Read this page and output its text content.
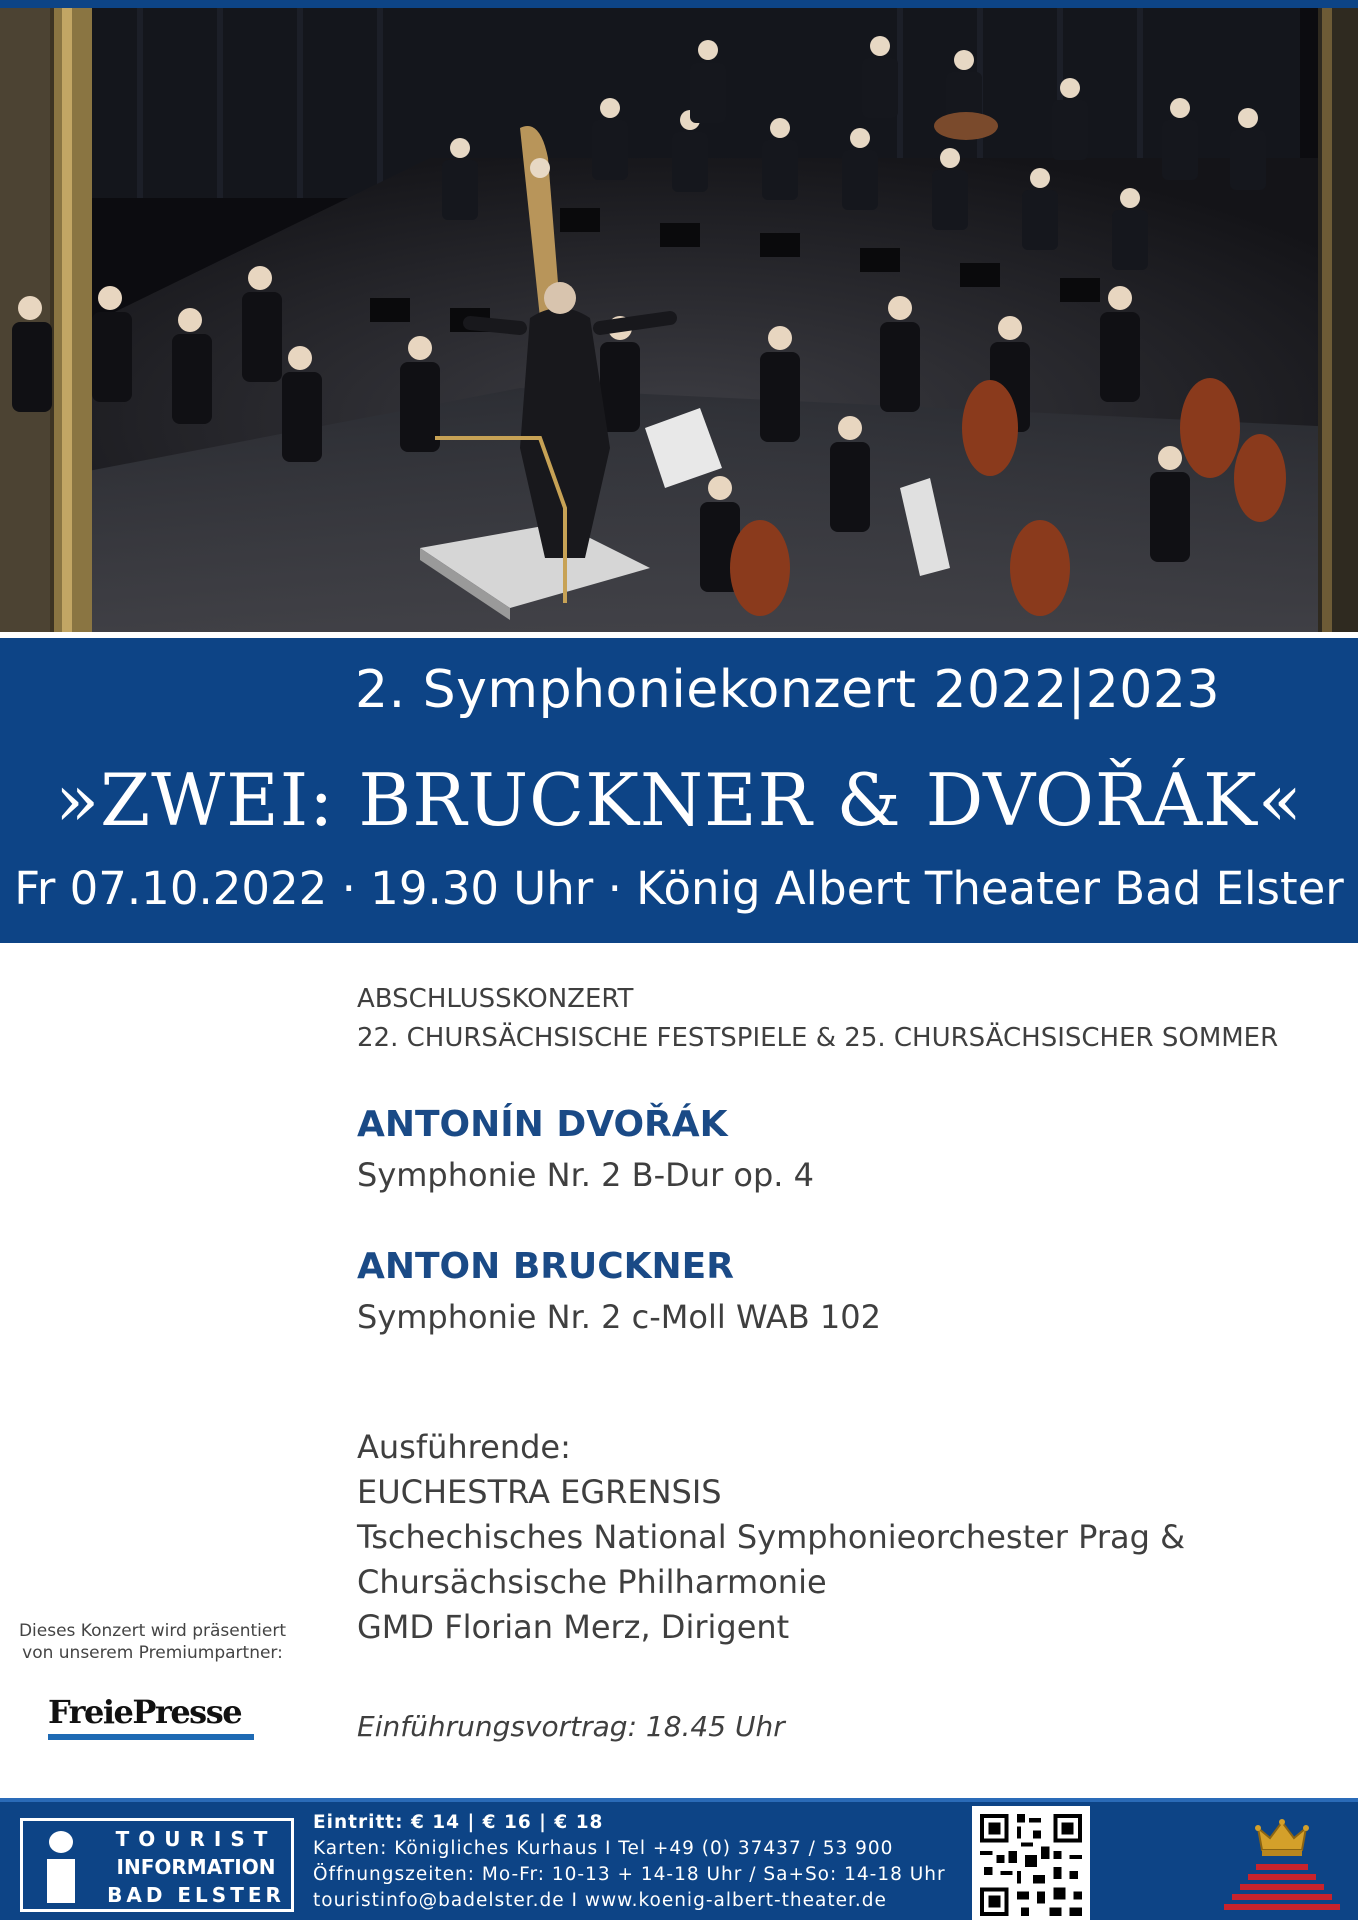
2. Symphoniekonzert 2022|2023
»ZWEI: BRUCKNER & DVOŘÁK«
Fr 07.10.2022 · 19.30 Uhr · König Albert Theater Bad Elster
ABSCHLUSSKONZERT
22. CHURSÄCHSISCHE FESTSPIELE & 25. CHURSÄCHSISCHER SOMMER
ANTONÍN DVOŘÁK
Symphonie Nr. 2 B-Dur op. 4
ANTON BRUCKNER
Symphonie Nr. 2 c-Moll WAB 102
Ausführende:
EUCHESTRA EGRENSIS
Tschechisches National Symphonieorchester Prag &
Chursächsische Philharmonie
GMD Florian Merz, Dirigent
Einführungsvortrag: 18.45 Uhr
Dieses Konzert wird präsentiert
von unserem Premiumpartner:
FreiePresse
TOURIST
INFORMATION
BAD ELSTER
Eintritt: € 14 | € 16 | € 18
Karten: Königliches Kurhaus I Tel +49 (0) 37437 / 53 900
Öffnungszeiten: Mo-Fr: 10-13 + 14-18 Uhr / Sa+So: 14-18 Uhr
touristinfo@badelster.de I www.koenig-albert-theater.de
